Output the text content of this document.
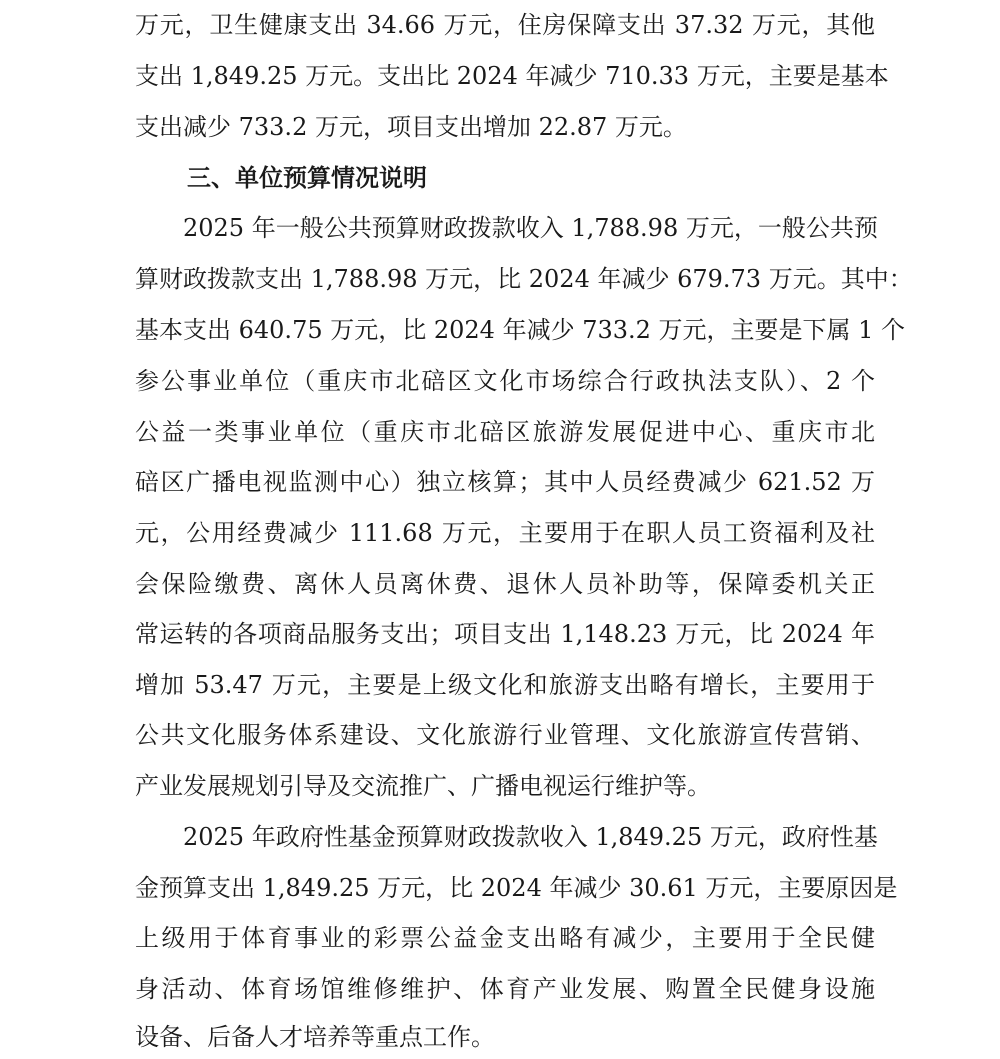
万元，卫生健康支出 34.66 万元，住房保障支出 37.32 万元，其他
支出 1,849.25 万元。支出比 2024 年减少 710.33 万元，主要是基本
支出减少 733.2 万元，项目支出增加 22.87 万元。
三、单位预算情况说明
2025 年一般公共预算财政拨款收入 1,788.98 万元，一般公共预
算财政拨款支出 1,788.98 万元，比 2024 年减少 679.73 万元。其中：
基本支出 640.75 万元，比 2024 年减少 733.2 万元，主要是下属 1 个
参公事业单位（重庆市北碚区文化市场综合行政执法支队）、2 个
公益一类事业单位（重庆市北碚区旅游发展促进中心、重庆市北
碚区广播电视监测中心）独立核算；其中人员经费减少 621.52 万
元，公用经费减少 111.68 万元，主要用于在职人员工资福利及社
会保险缴费、离休人员离休费、退休人员补助等，保障委机关正
常运转的各项商品服务支出；项目支出 1,148.23 万元，比 2024 年
增加 53.47 万元，主要是上级文化和旅游支出略有增长，主要用于
公共文化服务体系建设、文化旅游行业管理、文化旅游宣传营销、
产业发展规划引导及交流推广、广播电视运行维护等。
2025 年政府性基金预算财政拨款收入 1,849.25 万元，政府性基
金预算支出 1,849.25 万元，比 2024 年减少 30.61 万元，主要原因是
上级用于体育事业的彩票公益金支出略有减少，主要用于全民健
身活动、体育场馆维修维护、体育产业发展、购置全民健身设施
设备、后备人才培养等重点工作。
